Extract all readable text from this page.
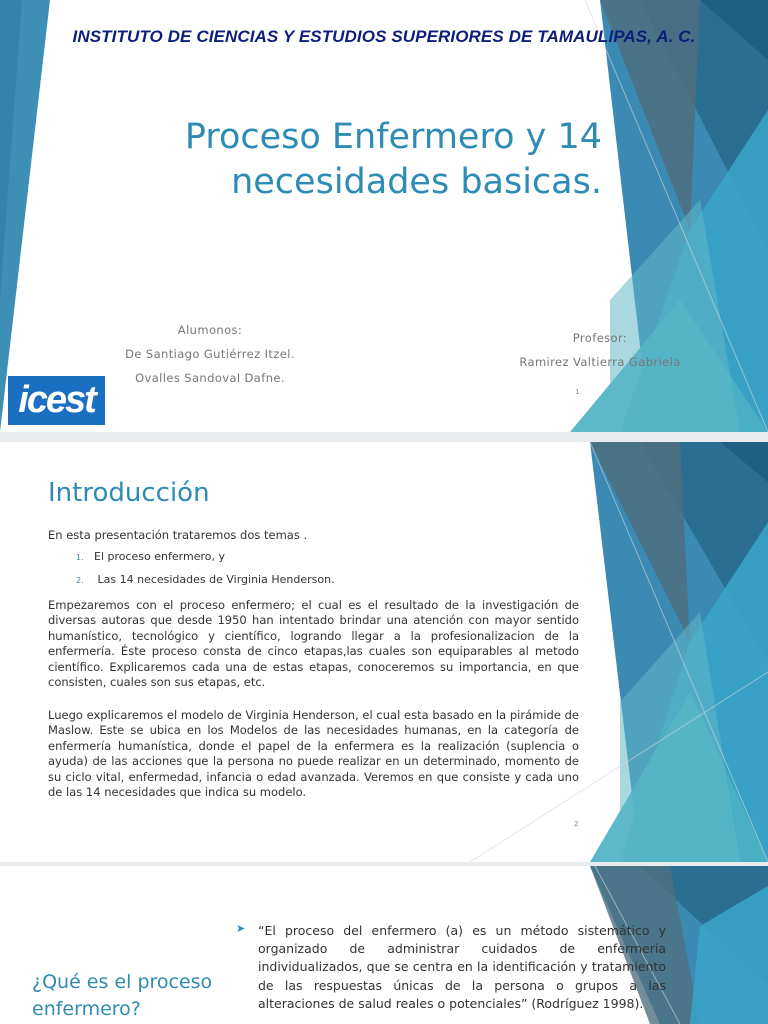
INSTITUTO DE CIENCIAS Y ESTUDIOS SUPERIORES DE TAMAULIPAS, A. C.

Proceso Enfermero y 14
necesidades basicas.
Alumonos:
De Santiago Gutiérrez Itzel.
Ovalles Sandoval Dafne.
Profesor:
Ramirez Valtierra Gabriela
1
icest
Introducción

En esta presentación trataremos dos temas .

1. El proceso enfermero, y
2. Las 14 necesidades de Virginia Henderson.

Empezaremos con el proceso enfermero; el cual es el resultado de la investigación de diversas autoras que desde 1950 han intentado brindar una atención con mayor sentido humanístico, tecnológico y científico, logrando llegar a la profesionalizacion de la enfermería. Éste proceso consta de cinco etapas,las cuales son equiparables al metodo científico. Explicaremos cada una de estas etapas, conoceremos su importancia, en que consisten, cuales son sus etapas, etc.

Luego explicaremos el modelo de Virginia Henderson, el cual esta basado en la pirámide de Maslow. Este se ubica en los Modelos de las necesidades humanas, en la categoría de enfermería humanística, donde el papel de la enfermera es la realización (suplencia o ayuda) de las acciones que la persona no puede realizar en un determinado, momento de su ciclo vital, enfermedad, infancia o edad avanzada. Veremos en que consiste y cada uno de las 14 necesidades que indica su modelo.

2
¿Qué es el proceso enfermero?
➤ “El proceso del enfermero (a) es un método sistemático y organizado de administrar cuidados de enfermería individualizados, que se centra en la identificación y tratamiento de las respuestas únicas de la persona o grupos a las alteraciones de salud reales o potenciales” (Rodríguez 1998).
